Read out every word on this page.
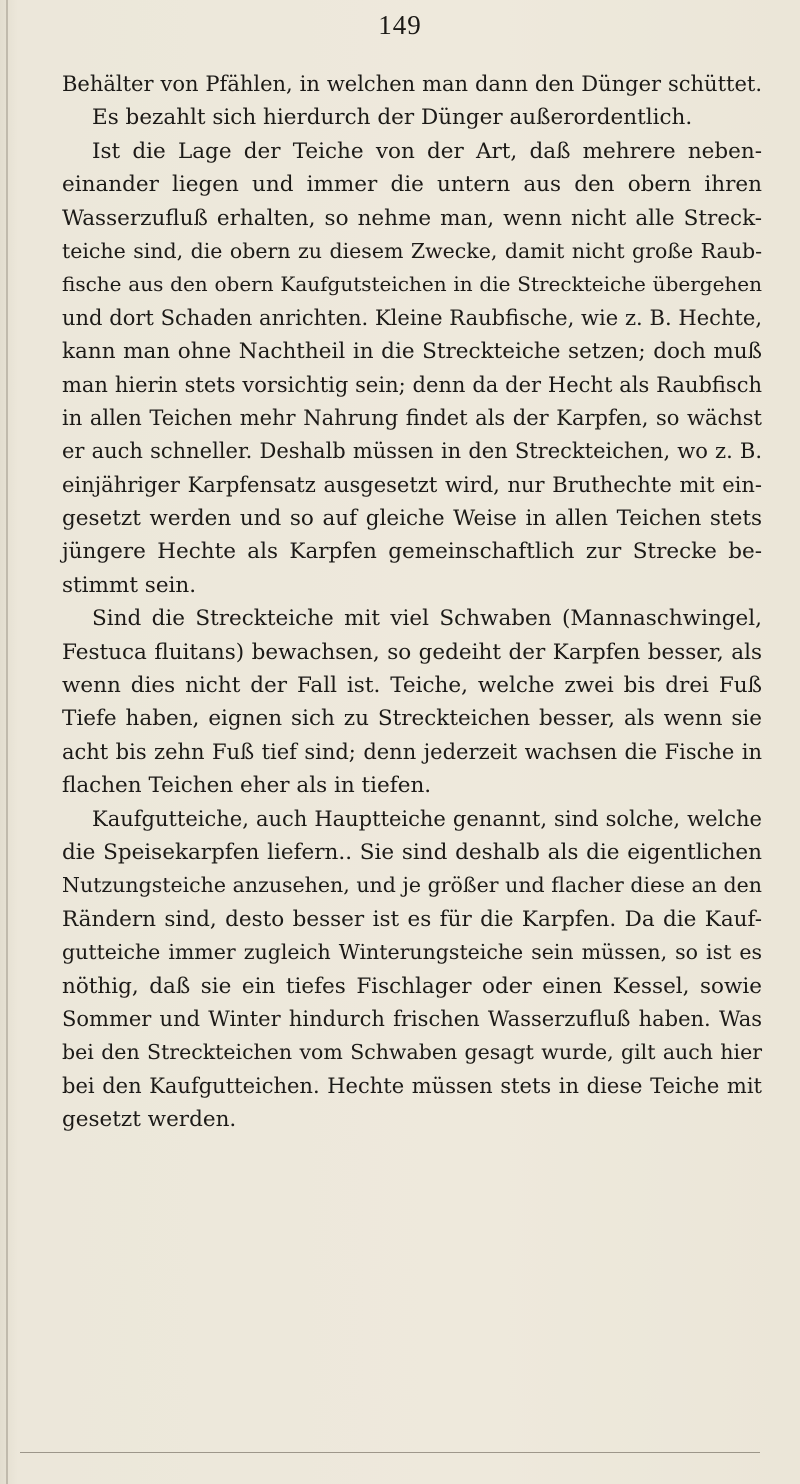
149
Behälter von Pfählen, in welchen man dann den Dünger schüttet.
Es bezahlt sich hierdurch der Dünger außerordentlich.
Ist die Lage der Teiche von der Art, daß mehrere neben-
einander liegen und immer die untern aus den obern ihren
Wasserzufluß erhalten, so nehme man, wenn nicht alle Streck-
teiche sind, die obern zu diesem Zwecke, damit nicht große Raub-
fische aus den obern Kaufgutsteichen in die Streckteiche übergehen
und dort Schaden anrichten. Kleine Raubfische, wie z. B. Hechte,
kann man ohne Nachtheil in die Streckteiche setzen; doch muß
man hierin stets vorsichtig sein; denn da der Hecht als Raubfisch
in allen Teichen mehr Nahrung findet als der Karpfen, so wächst
er auch schneller. Deshalb müssen in den Streckteichen, wo z. B.
einjähriger Karpfensatz ausgesetzt wird, nur Bruthechte mit ein-
gesetzt werden und so auf gleiche Weise in allen Teichen stets
jüngere Hechte als Karpfen gemeinschaftlich zur Strecke be-
stimmt sein.
Sind die Streckteiche mit viel Schwaben (Mannaschwingel,
Festuca fluitans) bewachsen, so gedeiht der Karpfen besser, als
wenn dies nicht der Fall ist. Teiche, welche zwei bis drei Fuß
Tiefe haben, eignen sich zu Streckteichen besser, als wenn sie
acht bis zehn Fuß tief sind; denn jederzeit wachsen die Fische in
flachen Teichen eher als in tiefen.
Kaufgutteiche, auch Hauptteiche genannt, sind solche, welche
die Speisekarpfen liefern.. Sie sind deshalb als die eigentlichen
Nutzungsteiche anzusehen, und je größer und flacher diese an den
Rändern sind, desto besser ist es für die Karpfen. Da die Kauf-
gutteiche immer zugleich Winterungsteiche sein müssen, so ist es
nöthig, daß sie ein tiefes Fischlager oder einen Kessel, sowie
Sommer und Winter hindurch frischen Wasserzufluß haben. Was
bei den Streckteichen vom Schwaben gesagt wurde, gilt auch hier
bei den Kaufgutteichen. Hechte müssen stets in diese Teiche mit
gesetzt werden.
